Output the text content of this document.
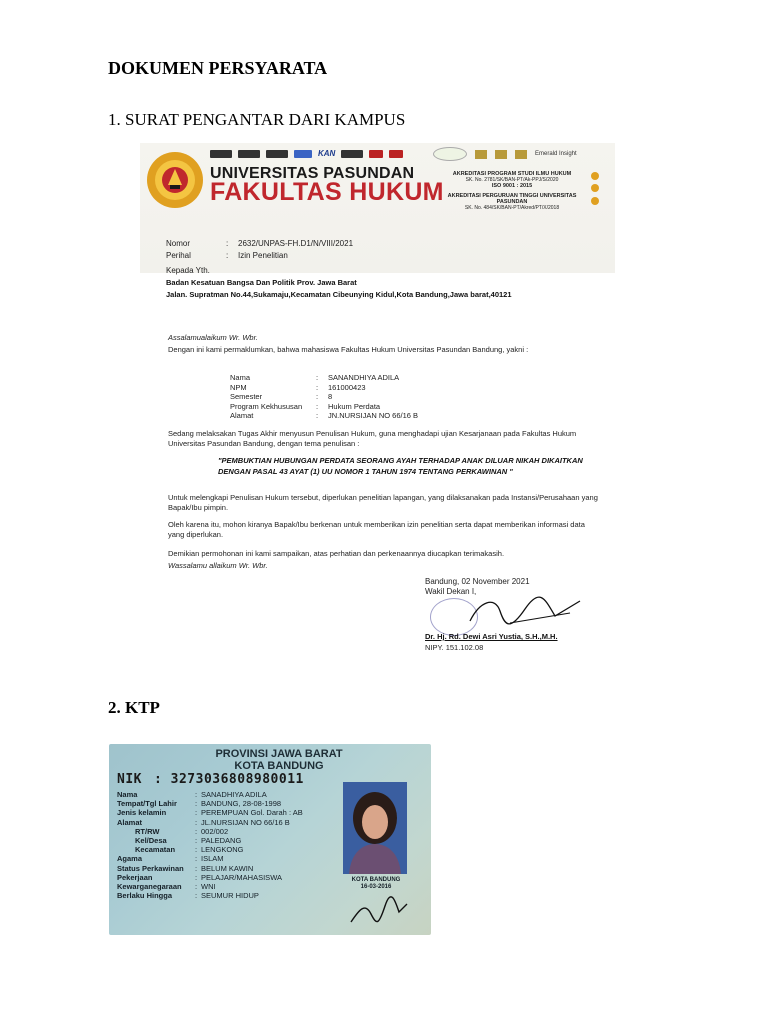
DOKUMEN PERSYARATA
1. SURAT PENGANTAR DARI KAMPUS
KAN	Emerald Insight
UNIVERSITAS PASUNDAN
FAKULTAS HUKUM
AKREDITASI PROGRAM STUDI ILMU HUKUM
SK. No. 2781/SK/BAN-PT/Ak-PPJ/S/2020
ISO 9001 : 2015
AKREDITASI PERGURUAN TINGGI UNIVERSITAS PASUNDAN
SK. No. 484/SK/BAN-PT/Akred/PT/X/2018
Nomor	:	2632/UNPAS-FH.D1/N/VIII/2021
Perihal	:	Izin Penelitian
Kepada Yth.
Badan Kesatuan Bangsa Dan Politik Prov. Jawa Barat
Jalan. Supratman No.44,Sukamaju,Kecamatan Cibeunying Kidul,Kota Bandung,Jawa barat,40121
Assalamualaikum Wr. Wbr.
Dengan ini kami permaklumkan, bahwa mahasiswa Fakultas Hukum Universitas Pasundan Bandung, yakni :
Nama	:	SANANDHIYA ADILA
NPM	:	161000423
Semester	:	8
Program Kekhususan	:	Hukum Perdata
Alamat	:	JN.NURSIJAN NO 66/16 B
Sedang melaksakan Tugas Akhir menyusun Penulisan Hukum, guna menghadapi ujian Kesarjanaan pada Fakultas Hukum Universitas Pasundan Bandung, dengan tema penulisan :
"PEMBUKTIAN HUBUNGAN PERDATA SEORANG AYAH TERHADAP ANAK DILUAR NIKAH DIKAITKAN DENGAN PASAL 43 AYAT (1) UU NOMOR 1 TAHUN 1974 TENTANG PERKAWINAN "
Untuk melengkapi Penulisan Hukum tersebut, diperlukan penelitian lapangan, yang dilaksanakan pada Instansi/Perusahaan yang Bapak/Ibu pimpin.
Oleh karena itu, mohon kiranya Bapak/Ibu berkenan untuk memberikan izin penelitian serta dapat memberikan informasi data yang diperlukan.
Demikian permohonan ini kami sampaikan, atas perhatian dan perkenaannya diucapkan terimakasih.
Wassalamu allaikum Wr. Wbr.
Bandung, 02 November 2021
Wakil Dekan I,
Dr. Hj. Rd. Dewi Asri Yustia, S.H.,M.H.
NIPY. 151.102.08
2. KTP
PROVINSI JAWA BARAT
KOTA BANDUNG
NIK : 3273036808980011
Nama	: SANADHIYA ADILA
Tempat/Tgl Lahir	: BANDUNG, 28-08-1998
Jenis kelamin	: PEREMPUAN Gol. Darah : AB
Alamat	: JL.NURSIJAN NO 66/16 B
RT/RW	: 002/002
Kel/Desa	: PALEDANG
Kecamatan	: LENGKONG
Agama	: ISLAM
Status Perkawinan	: BELUM KAWIN
Pekerjaan	: PELAJAR/MAHASISWA
Kewarganegaraan	: WNI
Berlaku Hingga	: SEUMUR HIDUP
KOTA BANDUNG
16-03-2016
